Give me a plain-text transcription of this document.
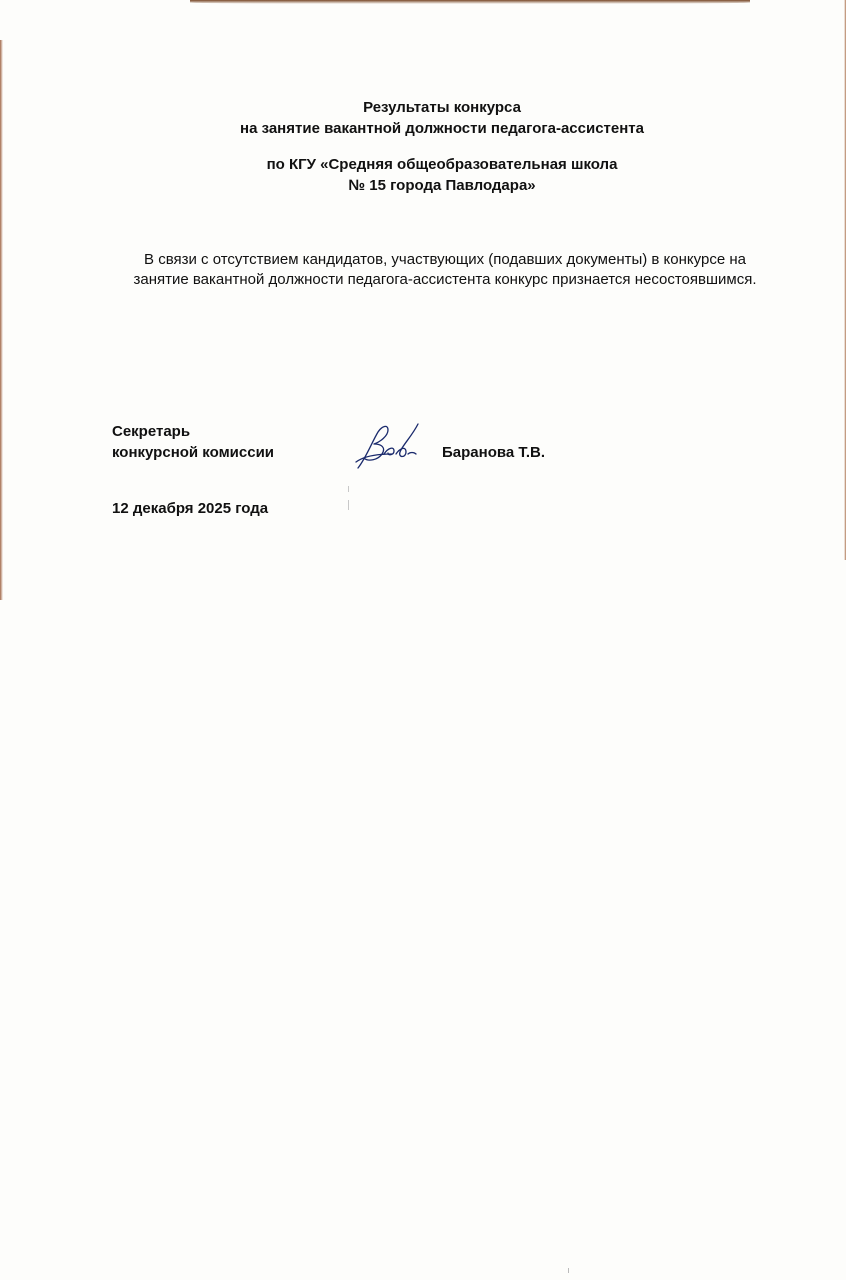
Результаты конкурса
на занятие вакантной должности педагога-ассистента
по КГУ «Средняя общеобразовательная школа
№ 15 города Павлодара»
В связи с отсутствием кандидатов, участвующих (подавших документы) в конкурсе на
занятие вакантной должности педагога-ассистента конкурс признается несостоявшимся.
Секретарь
конкурсной комиссии	Баранова Т.В.
12 декабря 2025 года
